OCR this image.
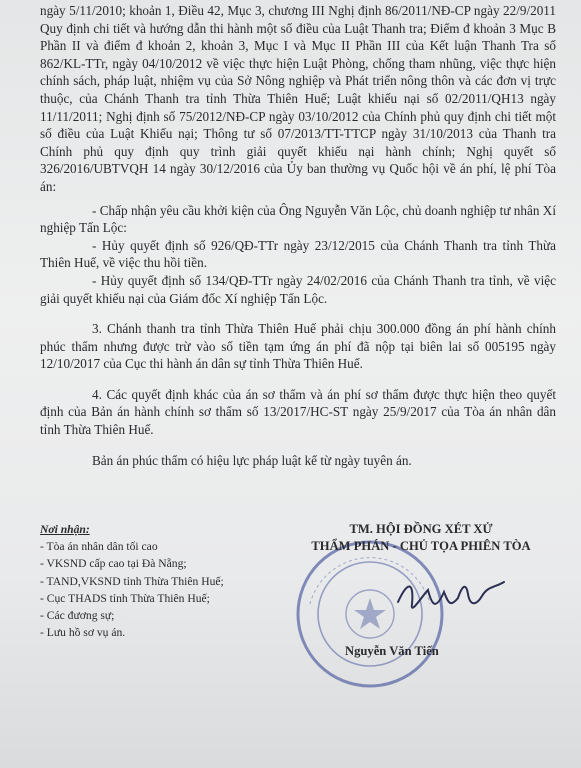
ngày 5/11/2010; khoản 1, Điều 42, Mục 3, chương III Nghị định 86/2011/NĐ-CP ngày 22/9/2011 Quy định chi tiết và hướng dẫn thi hành một số điều của Luật Thanh tra; Điểm đ khoản 3 Mục B Phần II và điểm đ khoản 2, khoản 3, Mục I và Mục II Phần III của Kết luận Thanh Tra số 862/KL-TTr, ngày 04/10/2012 về việc thực hiện Luật Phòng, chống tham nhũng, việc thực hiện chính sách, pháp luật, nhiệm vụ của Sở Nông nghiệp và Phát triển nông thôn và các đơn vị trực thuộc, của Chánh Thanh tra tỉnh Thừa Thiên Huế; Luật khiếu nại số 02/2011/QH13 ngày 11/11/2011; Nghị định số 75/2012/NĐ-CP ngày 03/10/2012 của Chính phủ quy định chi tiết một số điều của Luật Khiếu nại; Thông tư số 07/2013/TT-TTCP ngày 31/10/2013 của Thanh tra Chính phủ quy định quy trình giải quyết khiếu nại hành chính; Nghị quyết số 326/2016/UBTVQH 14 ngày 30/12/2016 của Ủy ban thường vụ Quốc hội về án phí, lệ phí Tòa án:

- Chấp nhận yêu cầu khởi kiện của Ông Nguyễn Văn Lộc, chủ doanh nghiệp tư nhân Xí nghiệp Tấn Lộc:

- Hủy quyết định số 926/QĐ-TTr ngày 23/12/2015 của Chánh Thanh tra tỉnh Thừa Thiên Huế, về việc thu hồi tiền.

- Hủy quyết định số 134/QĐ-TTr ngày 24/02/2016 của Chánh Thanh tra tỉnh, về việc giải quyết khiếu nại của Giám đốc Xí nghiệp Tấn Lộc.

3. Chánh thanh tra tỉnh Thừa Thiên Huế phải chịu 300.000 đồng án phí hành chính phúc thẩm nhưng được trừ vào số tiền tạm ứng án phí đã nộp tại biên lai số 005195 ngày 12/10/2017 của Cục thi hành án dân sự tỉnh Thừa Thiên Huế.

4. Các quyết định khác của án sơ thẩm và án phí sơ thẩm được thực hiện theo quyết định của Bản án hành chính sơ thẩm số 13/2017/HC-ST ngày 25/9/2017 của Tòa án nhân dân tỉnh Thừa Thiên Huế.

Bản án phúc thẩm có hiệu lực pháp luật kể từ ngày tuyên án.

Nơi nhận:
- Tòa án nhân dân tối cao
- VKSND cấp cao tại Đà Nẵng;
- TAND,VKSND tỉnh Thừa Thiên Huế;
- Cục THADS tỉnh Thừa Thiên Huế;
- Các đương sự;
- Lưu hồ sơ vụ án.
TM. HỘI ĐỒNG XÉT XỬ
THẨM PHÁN - CHỦ TỌA PHIÊN TÒA
Nguyễn Văn Tiến
